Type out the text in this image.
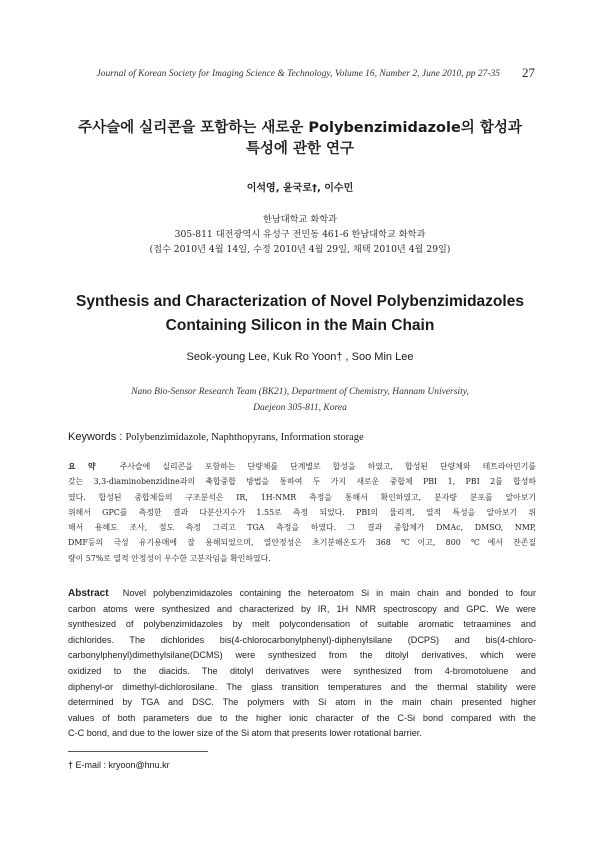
Journal of Korean Society for Imaging Science & Technology, Volume 16, Number 2, June 2010, pp 27-35 27
주사슬에 실리콘을 포함하는 새로운 Polybenzimidazole의 합성과
특성에 관한 연구
이석영, 윤국로†, 이수민
한남대학교 화학과
305-811 대전광역시 유성구 전민동 461-6 한남대학교 화학과
(접수 2010년 4월 14일, 수정 2010년 4월 29일, 채택 2010년 4월 29일)
Synthesis and Characterization of Novel Polybenzimidazoles
Containing Silicon in the Main Chain
Seok-young Lee, Kuk Ro Yoon† , Soo Min Lee
Nano Bio-Sensor Research Team (BK21), Department of Chemistry, Hannam University,
Daejeon 305-811, Korea
Keywords : Polybenzimidazole, Naphthopyrans, Information storage
요 약	주사슬에 실리콘을 포함하는 단량체를 단계별로 합성을 하였고, 합성된 단량체와 테트라아민기를
갖는 3,3-diaminobenzidine과의 축합중합 방법을 통하여 두 가지 새로운 중합체 PBI 1, PBI 2를 합성하
였다. 합성된 중합체들의 구조분석은 IR, 1H-NMR 측정을 통해서 확인하였고, 분자량 분포를 알아보기
위해서 GPC를 측정한 결과 다분산지수가 1.55로 측정 되었다. PBI의 물리적, 열적 특성을 알아보기 위
해서 용해도 조사, 점도 측정 그리고 TGA 측정을 하였다. 그 결과 중합체가 DMAc, DMSO, NMP,
DMF등의 극성 유기용매에 잘 용해되었으며, 열안정성은 초기분해온도가 368 ℃이고, 800 ℃에서 잔존질
량이 57%로 열적 안정성이 우수한 고분자임을 확인하였다.
Abstract Novel polybenzimidazoles containing the heteroatom Si in main chain and bonded to four
carbon atoms were synthesized and characterized by IR, 1H NMR spectroscopy and GPC. We were
synthesized of polybenzimidazoles by melt polycondensation of suitable aromatic tetraamines and
dichlorides. The dichlorides bis(4-chlorocarbonylphenyl)-diphenylsilane (DCPS) and bis(4-chloro-
carbonylphenyl)dimethylsilane(DCMS) were synthesized from the ditolyl derivatives, which were
oxidized to the diacids. The ditolyl derivatives were synthesized from 4-bromotoluene and
diphenyl-or dimethyl-dichlorosilane. The glass transition temperatures and the thermal stability were
determined by TGA and DSC. The polymers with Si atom in the main chain presented higher
values of both parameters due to the higher ionic character of the C-Si bond compared with the
C-C bond, and due to the lower size of the Si atom that presents lower rotational barrier.
† E-mail : kryoon@hnu.kr
